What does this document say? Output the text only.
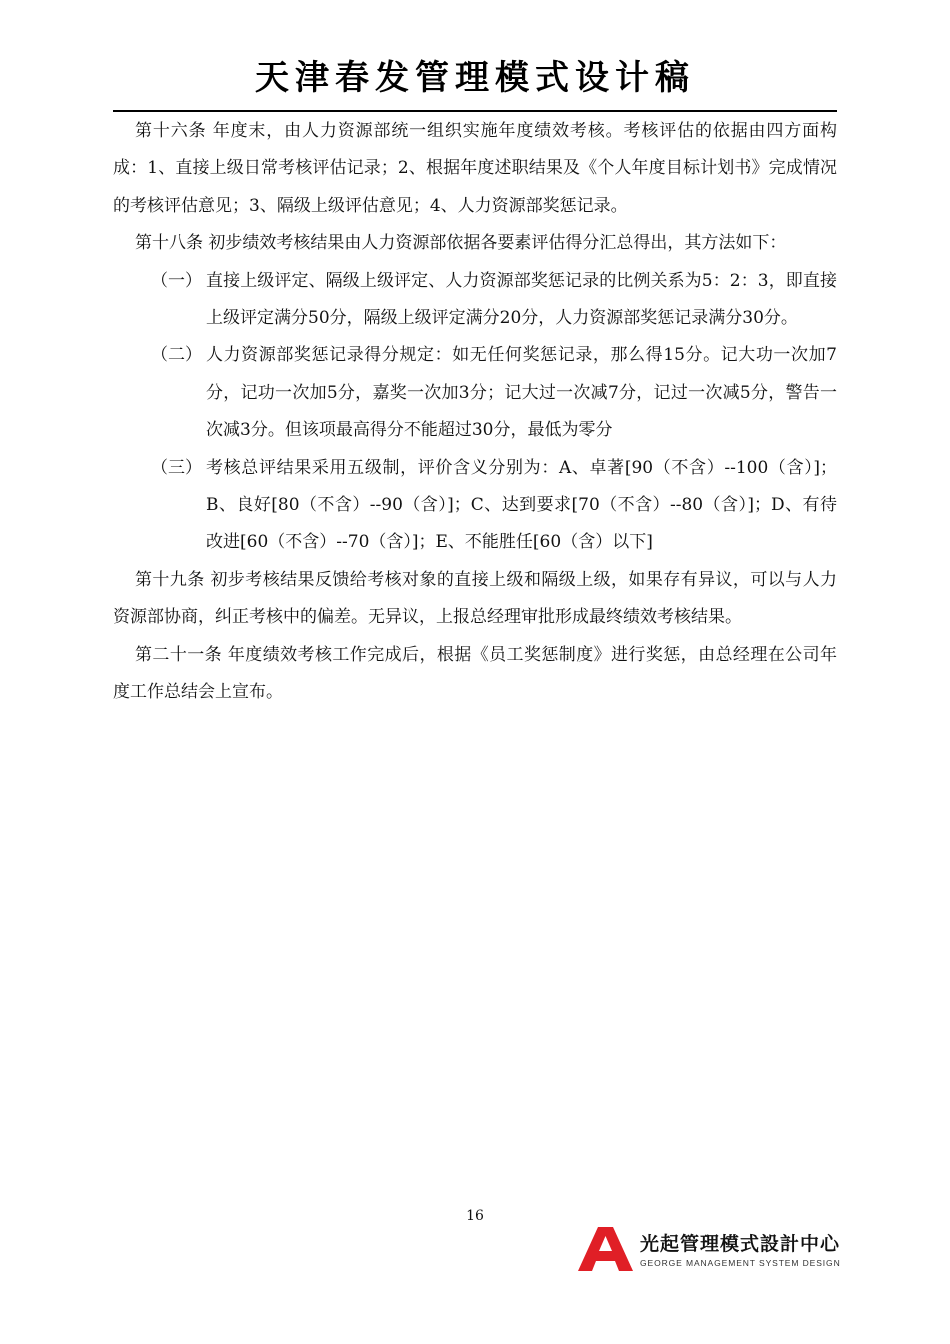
天津春发管理模式设计稿

第十六条 年度末，由人力资源部统一组织实施年度绩效考核。考核评估的依据由四方面构成：1、直接上级日常考核评估记录；2、根据年度述职结果及《个人年度目标计划书》完成情况的考核评估意见；3、隔级上级评估意见；4、人力资源部奖惩记录。

第十八条 初步绩效考核结果由人力资源部依据各要素评估得分汇总得出，其方法如下：

（一） 直接上级评定、隔级上级评定、人力资源部奖惩记录的比例关系为5：2：3，即直接上级评定满分50分，隔级上级评定满分20分，人力资源部奖惩记录满分30分。

（二） 人力资源部奖惩记录得分规定：如无任何奖惩记录，那么得15分。记大功一次加7分，记功一次加5分，嘉奖一次加3分；记大过一次减7分，记过一次减5分，警告一次减3分。但该项最高得分不能超过30分，最低为零分

（三） 考核总评结果采用五级制，评价含义分别为：A、卓著[90（不含）--100（含）]；B、良好[80（不含）--90（含）]；C、达到要求[70（不含）--80（含）]；D、有待改进[60（不含）--70（含）]；E、不能胜任[60（含）以下]

第十九条 初步考核结果反馈给考核对象的直接上级和隔级上级，如果存有异议，可以与人力资源部协商，纠正考核中的偏差。无异议，上报总经理审批形成最终绩效考核结果。

第二十一条 年度绩效考核工作完成后，根据《员工奖惩制度》进行奖惩，由总经理在公司年度工作总结会上宣布。

16
光起管理模式設計中心
GEORGE MANAGEMENT SYSTEM DESIGN
